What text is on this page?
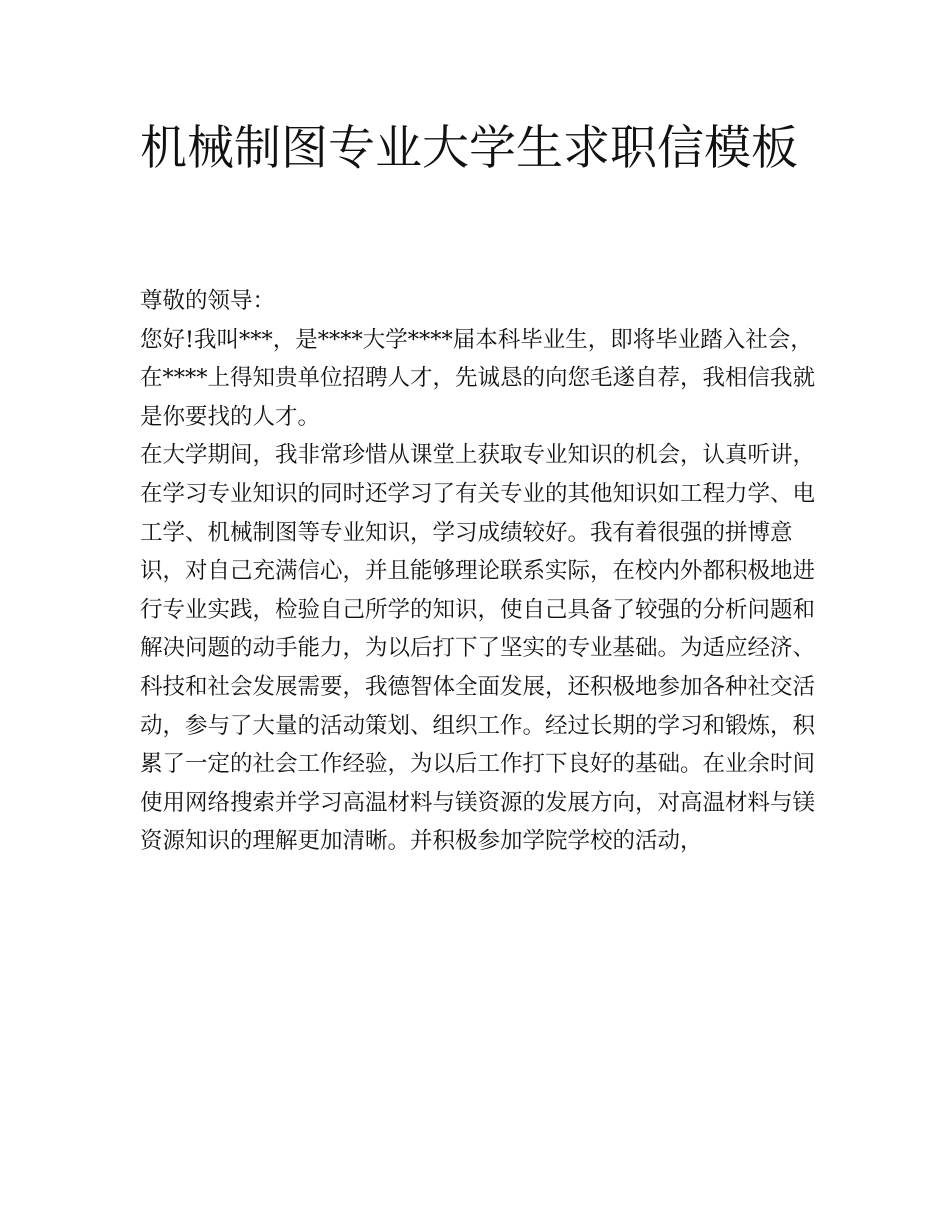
机械制图专业大学生求职信模板

尊敬的领导：

您好!我叫***，是****大学****届本科毕业生，即将毕业踏入社会，在****上得知贵单位招聘人才，先诚恳的向您毛遂自荐，我相信我就是你要找的人才。

在大学期间，我非常珍惜从课堂上获取专业知识的机会，认真听讲，在学习专业知识的同时还学习了有关专业的其他知识如工程力学、电工学、机械制图等专业知识，学习成绩较好。我有着很强的拼博意识，对自己充满信心，并且能够理论联系实际，在校内外都积极地进行专业实践，检验自己所学的知识，使自己具备了较强的分析问题和解决问题的动手能力，为以后打下了坚实的专业基础。为适应经济、科技和社会发展需要，我德智体全面发展，还积极地参加各种社交活动，参与了大量的活动策划、组织工作。经过长期的学习和锻炼，积累了一定的社会工作经验，为以后工作打下良好的基础。在业余时间使用网络搜索并学习高温材料与镁资源的发展方向，对高温材料与镁资源知识的理解更加清晰。并积极参加学院学校的活动，
